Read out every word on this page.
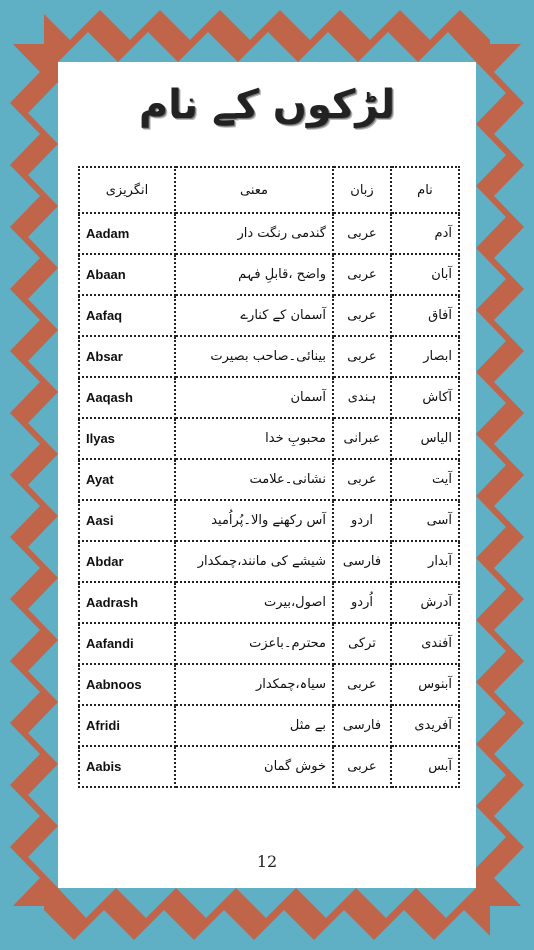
لڑکوں کے نام
انگریزی	معنی	زبان	نام
Aadam	گندمی رنگت دار	عربی	آدم
Abaan	واضح ،قابلِ فہم	عربی	آبان
Aafaq	آسمان کے کنارے	عربی	آفاق
Absar	بینائی۔صاحب بصیرت	عربی	ابصار
Aaqash	آسمان	ہندی	آکاش
Ilyas	محبوبِ خدا	عبرانی	الیاس
Ayat	نشانی۔علامت	عربی	آیت
Aasi	آس رکھنے والا۔پُراُمید	اردو	آسی
Abdar	شیشے کی مانند،چمکدار	فارسی	آبدار
Aadrash	اصول،بیرت	اُردو	آدرش
Aafandi	محترم۔باعزت	ترکی	آفندی
Aabnoos	سیاہ،چمکدار	عربی	آبنوس
Afridi	بے مثل	فارسی	آفریدی
Aabis	خوش گمان	عربی	آبس
12
